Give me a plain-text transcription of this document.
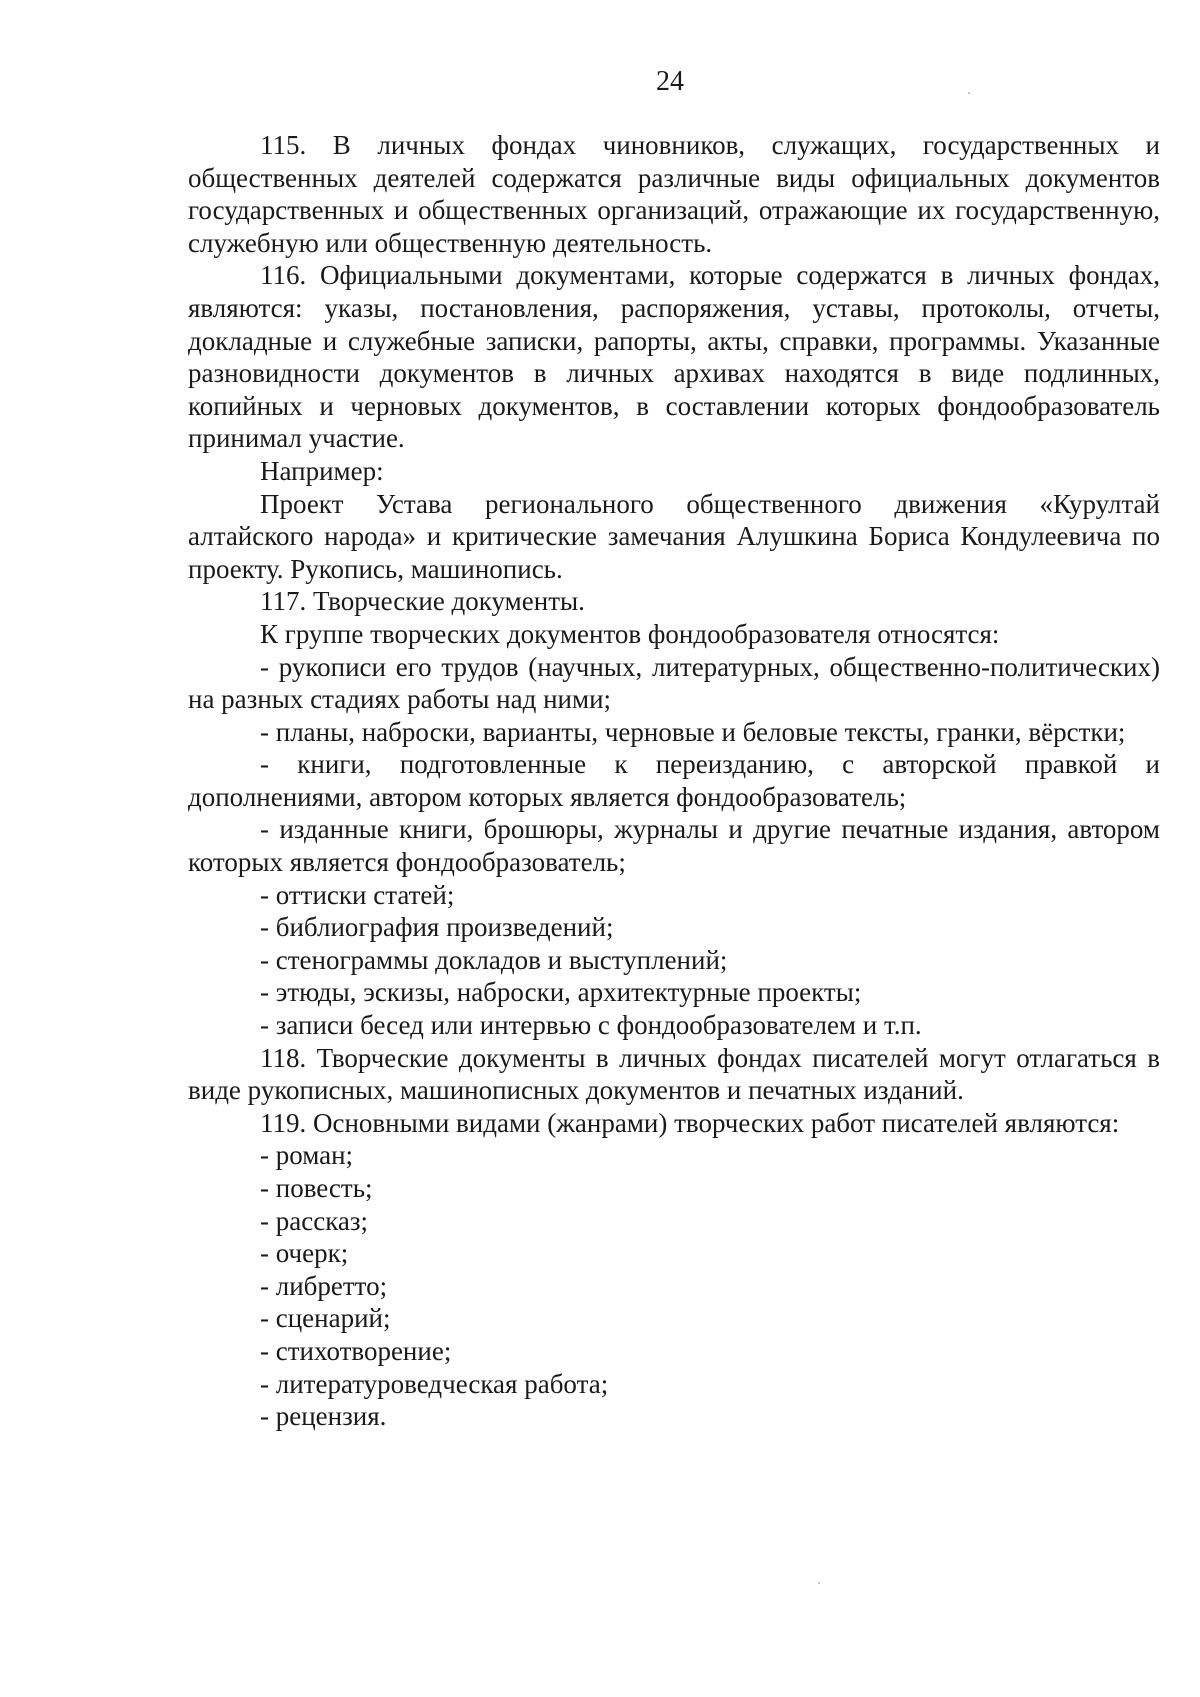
24

115. В личных фондах чиновников, служащих, государственных и общественных деятелей содержатся различные виды официальных документов государственных и общественных организаций, отражающие их государственную, служебную или общественную деятельность.

116. Официальными документами, которые содержатся в личных фондах, являются: указы, постановления, распоряжения, уставы, протоколы, отчеты, докладные и служебные записки, рапорты, акты, справки, программы. Указанные разновидности документов в личных архивах находятся в виде подлинных, копийных и черновых документов, в составлении которых фондообразователь принимал участие.

Например:

Проект Устава регионального общественного движения «Курултай алтайского народа» и критические замечания Алушкина Бориса Кондулеевича по проекту. Рукопись, машинопись.

117. Творческие документы.

К группе творческих документов фондообразователя относятся:

- рукописи его трудов (научных, литературных, общественно-политических) на разных стадиях работы над ними;

- планы, наброски, варианты, черновые и беловые тексты, гранки, вёрстки;

- книги, подготовленные к переизданию, с авторской правкой и дополнениями, автором которых является фондообразователь;

- изданные книги, брошюры, журналы и другие печатные издания, автором которых является фондообразователь;

- оттиски статей;

- библиография произведений;

- стенограммы докладов и выступлений;

- этюды, эскизы, наброски, архитектурные проекты;

- записи бесед или интервью с фондообразователем и т.п.

118. Творческие документы в личных фондах писателей могут отлагаться в виде рукописных, машинописных документов и печатных изданий.

119. Основными видами (жанрами) творческих работ писателей являются:

- роман;

- повесть;

- рассказ;

- очерк;

- либретто;

- сценарий;

- стихотворение;

- литературоведческая работа;

- рецензия.
